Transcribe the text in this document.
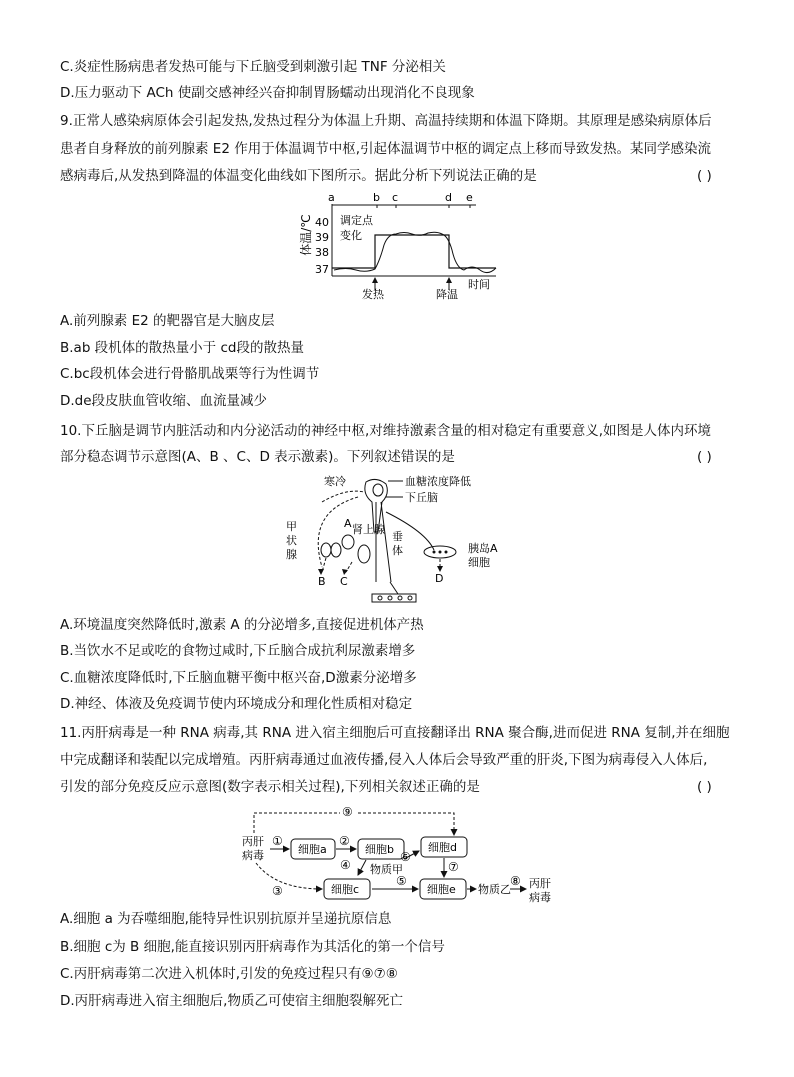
C.炎症性肠病患者发热可能与下丘脑受到刺激引起 TNF 分泌相关
D.压力驱动下 ACh 使副交感神经兴奋抑制胃肠蠕动出现消化不良现象
9.正常人感染病原体会引起发热,发热过程分为体温上升期、高温持续期和体温下降期。其原理是感染病原体后
患者自身释放的前列腺素 E2 作用于体温调节中枢,引起体温调节中枢的调定点上移而导致发热。某同学感染流
感病毒后,从发热到降温的体温变化曲线如下图所示。据此分析下列说法正确的是	( )
体温/℃ 40
39
38
37
a	b c	d e
调定点
变化
发热	降温
时间
A.前列腺素 E2 的靶器官是大脑皮层
B.ab 段机体的散热量小于 cd段的散热量
C.bc段机体会进行骨骼肌战栗等行为性调节
D.de段皮肤血管收缩、血流量减少
10.下丘脑是调节内脏活动和内分泌活动的神经中枢,对维持激素含量的相对稳定有重要意义,如图是人体内环境
部分稳态调节示意图(A、B 、C、D 表示激素)。下列叙述错误的是	( )
寒冷	血糖浓度降低
下丘脑
垂
体
A 肾上腺
甲
状
腺
B C
胰岛A
细胞
D
A.环境温度突然降低时,激素 A 的分泌增多,直接促进机体产热
B.当饮水不足或吃的食物过咸时,下丘脑合成抗利尿激素增多
C.血糖浓度降低时,下丘脑血糖平衡中枢兴奋,D激素分泌增多
D.神经、体液及免疫调节使内环境成分和理化性质相对稳定
11.丙肝病毒是一种 RNA 病毒,其 RNA 进入宿主细胞后可直接翻译出 RNA 聚合酶,进而促进 RNA 复制,并在细胞
中完成翻译和装配以完成增殖。丙肝病毒通过血液传播,侵入人体后会导致严重的肝炎,下图为病毒侵入人体后,
引发的部分免疫反应示意图(数字表示相关过程),下列相关叙述正确的是	( )
⑨
丙肝
病毒
①
细胞a
②
细胞b
④ 物质甲
⑥
细胞d
⑦
③	细胞c
⑤
细胞e 物质乙
⑧ 丙肝
病毒
A.细胞 a 为吞噬细胞,能特异性识别抗原并呈递抗原信息
B.细胞 c为 B 细胞,能直接识别丙肝病毒作为其活化的第一个信号
C.丙肝病毒第二次进入机体时,引发的免疫过程只有⑨⑦⑧
D.丙肝病毒进入宿主细胞后,物质乙可使宿主细胞裂解死亡
